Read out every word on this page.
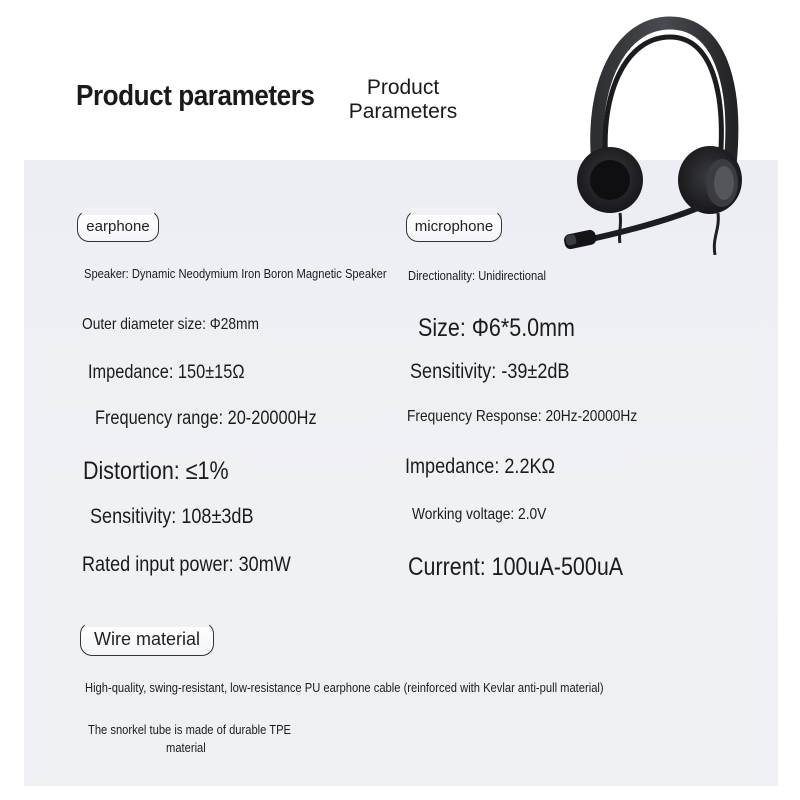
Product parameters	Product Parameters
earphone
Speaker: Dynamic Neodymium Iron Boron Magnetic Speaker
Outer diameter size: Φ28mm
Impedance: 150±15Ω
Frequency range: 20-20000Hz
Distortion: ≤1%
Sensitivity: 108±3dB
Rated input power: 30mW
microphone
Directionality: Unidirectional
Size: Φ6*5.0mm
Sensitivity: -39±2dB
Frequency Response: 20Hz-20000Hz
Impedance: 2.2KΩ
Working voltage: 2.0V
Current: 100uA-500uA
Wire material
High-quality, swing-resistant, low-resistance PU earphone cable (reinforced with Kevlar anti-pull material)
The snorkel tube is made of durable TPE
material
